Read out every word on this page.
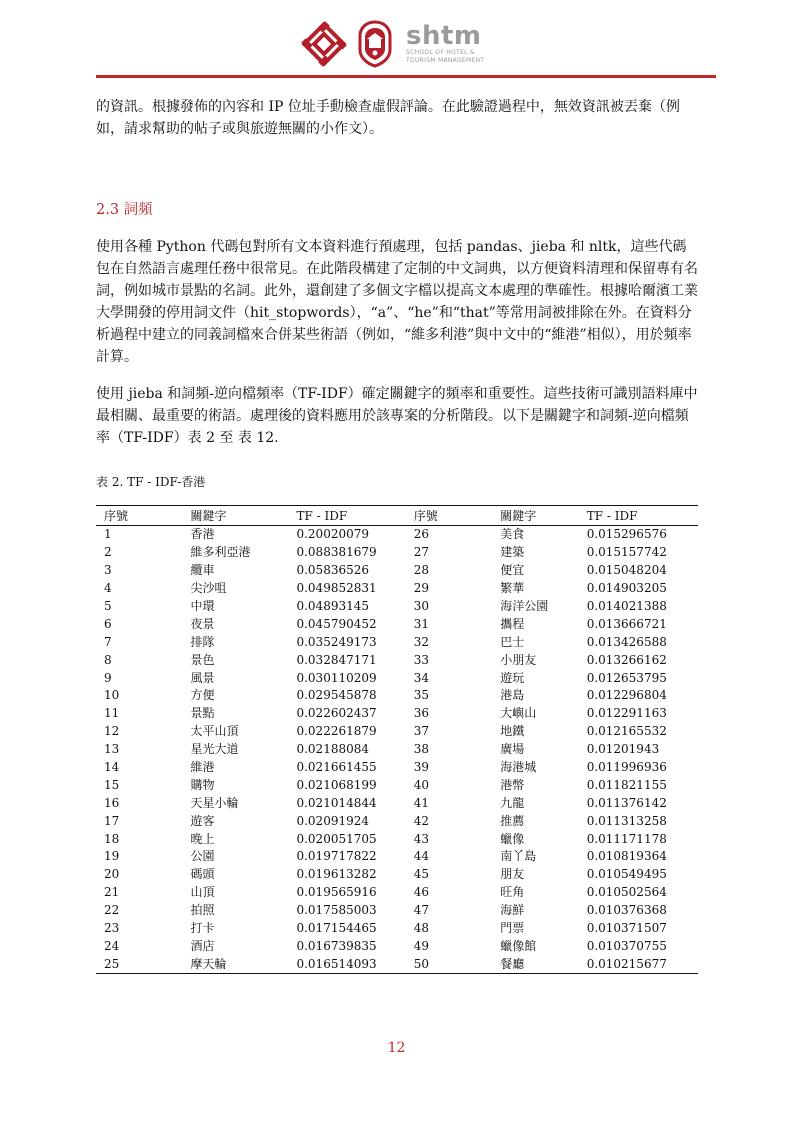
shtm
SCHOOL OF HOTEL &
TOURISM MANAGEMENT
的資訊。根據發佈的內容和 IP 位址手動檢查虛假評論。在此驗證過程中，無效資訊被丟棄（例如，請求幫助的帖子或與旅遊無關的小作文）。
2.3 詞頻
使用各種 Python 代碼包對所有文本資料進行預處理，包括 pandas、jieba 和 nltk，這些代碼包在自然語言處理任務中很常見。在此階段構建了定制的中文詞典，以方便資料清理和保留專有名詞，例如城市景點的名詞。此外，還創建了多個文字檔以提高文本處理的準確性。根據哈爾濱工業大學開發的停用詞文件（hit_stopwords），“a”、“he”和“that”等常用詞被排除在外。在資料分析過程中建立的同義詞檔來合併某些術語（例如，“維多利港”與中文中的“維港”相似），用於頻率計算。
使用 jieba 和詞頻-逆向檔頻率（TF-IDF）確定關鍵字的頻率和重要性。這些技術可識別語料庫中最相關、最重要的術語。處理後的資料應用於該專案的分析階段。以下是關鍵字和詞頻-逆向檔頻率（TF-IDF）表 2 至 表 12.
表 2. TF - IDF-香港
序號	關鍵字	TF - IDF	序號	關鍵字	TF - IDF
1	香港	0.20020079	26	美食	0.015296576
2	維多利亞港	0.088381679	27	建築	0.015157742
3	纜車	0.05836526	28	便宜	0.015048204
4	尖沙咀	0.049852831	29	繁華	0.014903205
5	中環	0.04893145	30	海洋公園	0.014021388
6	夜景	0.045790452	31	攜程	0.013666721
7	排隊	0.035249173	32	巴士	0.013426588
8	景色	0.032847171	33	小朋友	0.013266162
9	風景	0.030110209	34	遊玩	0.012653795
10	方便	0.029545878	35	港島	0.012296804
11	景點	0.022602437	36	大嶼山	0.012291163
12	太平山頂	0.022261879	37	地鐵	0.012165532
13	星光大道	0.02188084	38	廣場	0.01201943
14	維港	0.021661455	39	海港城	0.011996936
15	購物	0.021068199	40	港幣	0.011821155
16	天星小輪	0.021014844	41	九龍	0.011376142
17	遊客	0.02091924	42	推薦	0.011313258
18	晚上	0.020051705	43	蠟像	0.011171178
19	公園	0.019717822	44	南丫島	0.010819364
20	碼頭	0.019613282	45	朋友	0.010549495
21	山頂	0.019565916	46	旺角	0.010502564
22	拍照	0.017585003	47	海鮮	0.010376368
23	打卡	0.017154465	48	門票	0.010371507
24	酒店	0.016739835	49	蠟像館	0.010370755
25	摩天輪	0.016514093	50	餐廳	0.010215677
12
